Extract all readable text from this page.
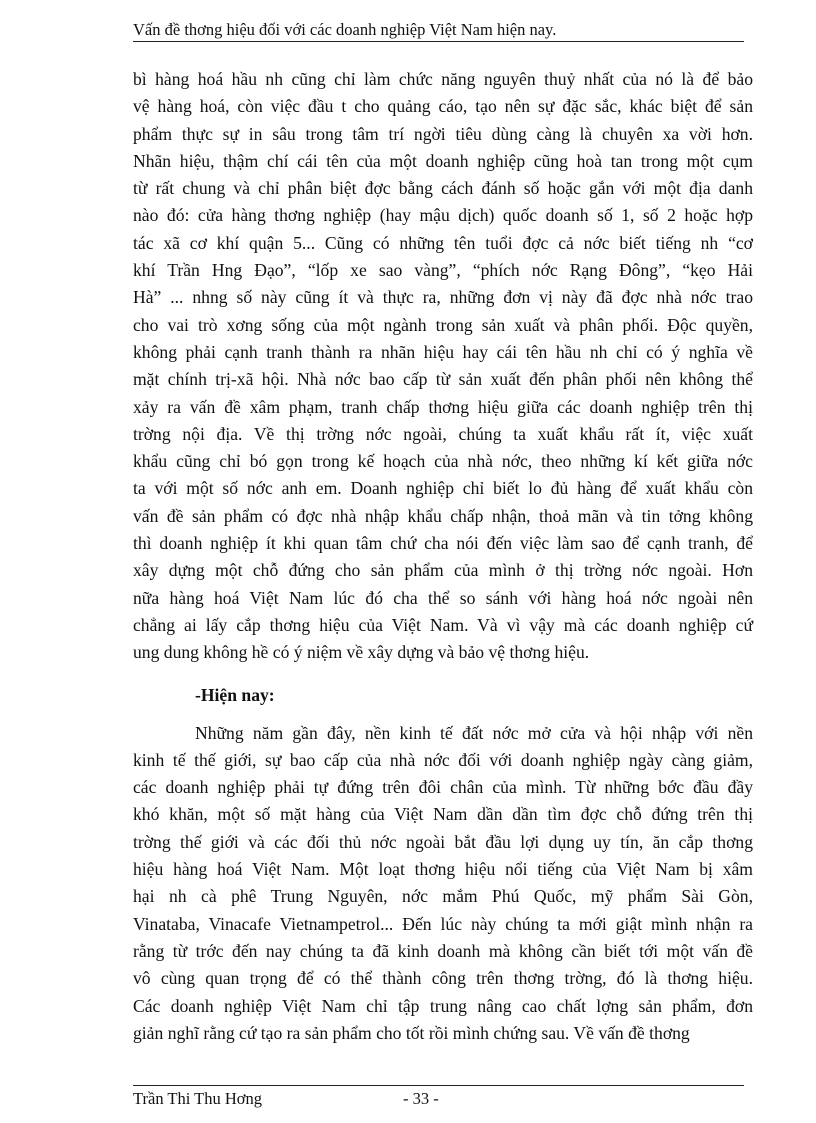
Vấn đề thơng hiệu đối với các doanh nghiệp Việt Nam hiện nay.
bì hàng hoá hầu nh cũng chỉ làm chức năng nguyên thuỷ nhất của nó là để bảo
vệ hàng hoá, còn việc đầu t cho quảng cáo, tạo nên sự đặc sắc, khác biệt để sản
phẩm thực sự in sâu trong tâm trí ngời tiêu dùng càng là chuyên xa vời hơn.
Nhãn hiệu, thậm chí cái tên của một doanh nghiệp cũng hoà tan trong một cụm
từ rất chung và chỉ phân biệt đợc bằng cách đánh số hoặc gắn với một địa danh
nào đó: cửa hàng thơng nghiệp (hay mậu dịch) quốc doanh số 1, số 2 hoặc hợp
tác xã cơ khí quận 5... Cũng có những tên tuổi đợc cả nớc biết tiếng nh “cơ
khí Trần Hng Đạo”, “lốp xe sao vàng”, “phích nớc Rạng Đông”, “kẹo Hải
Hà” ... nhng số này cũng ít và thực ra, những đơn vị này đã đợc nhà nớc trao
cho vai trò xơng sống của một ngành trong sản xuất và phân phối. Độc quyền,
không phải cạnh tranh thành ra nhãn hiệu hay cái tên hầu nh chỉ có ý nghĩa về
mặt chính trị-xã hội. Nhà nớc bao cấp từ sản xuất đến phân phối nên không thể
xảy ra vấn đề xâm phạm, tranh chấp thơng hiệu giữa các doanh nghiệp trên thị
trờng nội địa. Về thị trờng nớc ngoài, chúng ta xuất khẩu rất ít, việc xuất
khẩu cũng chỉ bó gọn trong kế hoạch của nhà nớc, theo những kí kết giữa nớc
ta với một số nớc anh em. Doanh nghiệp chỉ biết lo đủ hàng để xuất khẩu còn
vấn đề sản phẩm có đợc nhà nhập khẩu chấp nhận, thoả mãn và tin tởng không
thì doanh nghiệp ít khi quan tâm chứ cha nói đến việc làm sao để cạnh tranh, để
xây dựng một chỗ đứng cho sản phẩm của mình ở thị trờng nớc ngoài. Hơn
nữa hàng hoá Việt Nam lúc đó cha thể so sánh với hàng hoá nớc ngoài nên
chẳng ai lấy cắp thơng hiệu của Việt Nam. Và vì vậy mà các doanh nghiệp cứ
ung dung không hề có ý niệm về xây dựng và bảo vệ thơng hiệu.
-Hiện nay:
Những năm gần đây, nền kinh tế đất nớc mở cửa và hội nhập với nền
kinh tế thế giới, sự bao cấp của nhà nớc đối với doanh nghiệp ngày càng giảm,
các doanh nghiệp phải tự đứng trên đôi chân của mình. Từ những bớc đầu đầy
khó khăn, một số mặt hàng của Việt Nam dần dần tìm đợc chỗ đứng trên thị
trờng thế giới và các đối thủ nớc ngoài bắt đầu lợi dụng uy tín, ăn cắp thơng
hiệu hàng hoá Việt Nam. Một loạt thơng hiệu nổi tiếng của Việt Nam bị xâm
hại nh cà phê Trung Nguyên, nớc mắm Phú Quốc, mỹ phẩm Sài Gòn,
Vinataba, Vinacafe Vietnampetrol... Đến lúc này chúng ta mới giật mình nhận ra
rằng từ trớc đến nay chúng ta đã kinh doanh mà không cần biết tới một vấn đề
vô cùng quan trọng để có thể thành công trên thơng trờng, đó là thơng hiệu.
Các doanh nghiệp Việt Nam chỉ tập trung nâng cao chất lợng sản phẩm, đơn
giản nghĩ rằng cứ tạo ra sản phẩm cho tốt rồi mình chứng sau. Về vấn đề thơng
Trần Thi Thu Hơng	- 33 -
